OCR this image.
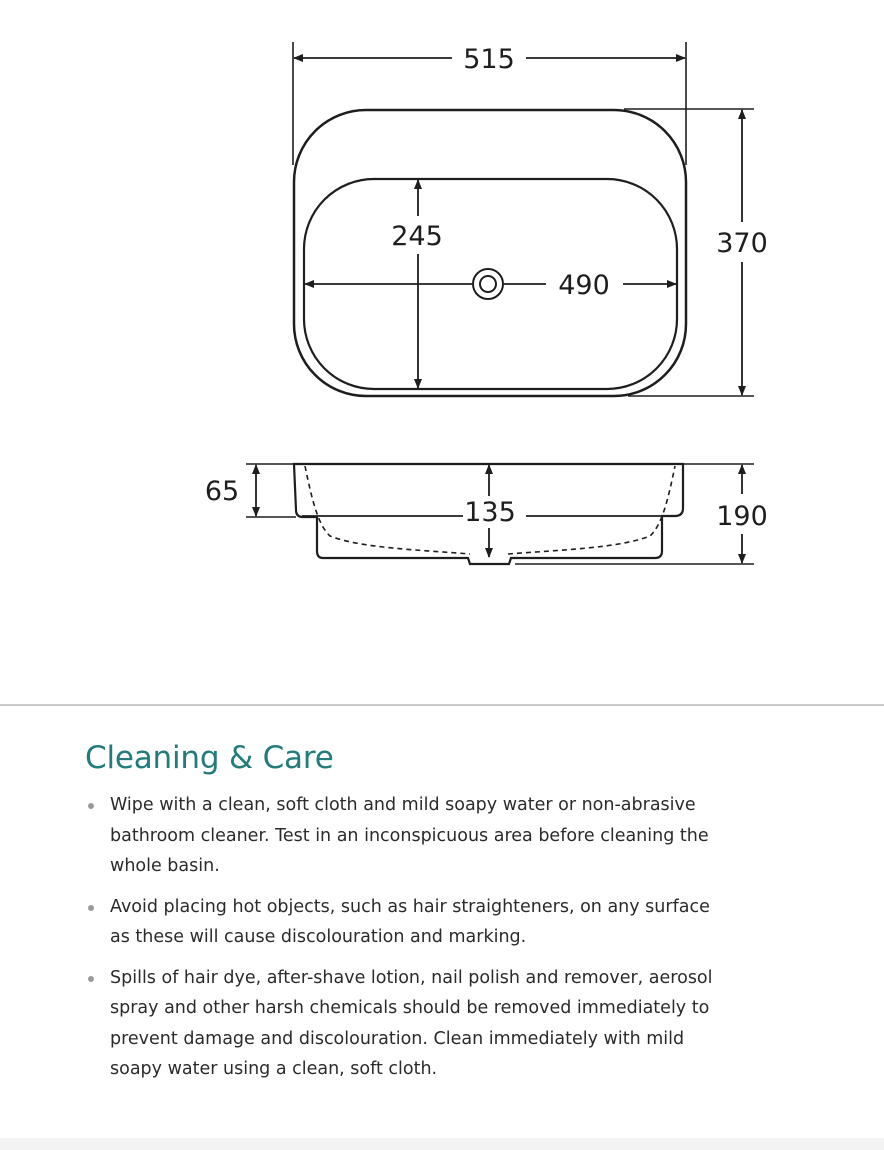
515
245
490
370
65
135	190
Cleaning & Care
Wipe with a clean, soft cloth and mild soapy water or non-abrasive bathroom cleaner. Test in an inconspicuous area before cleaning the whole basin.
Avoid placing hot objects, such as hair straighteners, on any surface as these will cause discolouration and marking.
Spills of hair dye, after-shave lotion, nail polish and remover, aerosol spray and other harsh chemicals should be removed immediately to prevent damage and discolouration. Clean immediately with mild soapy water using a clean, soft cloth.
